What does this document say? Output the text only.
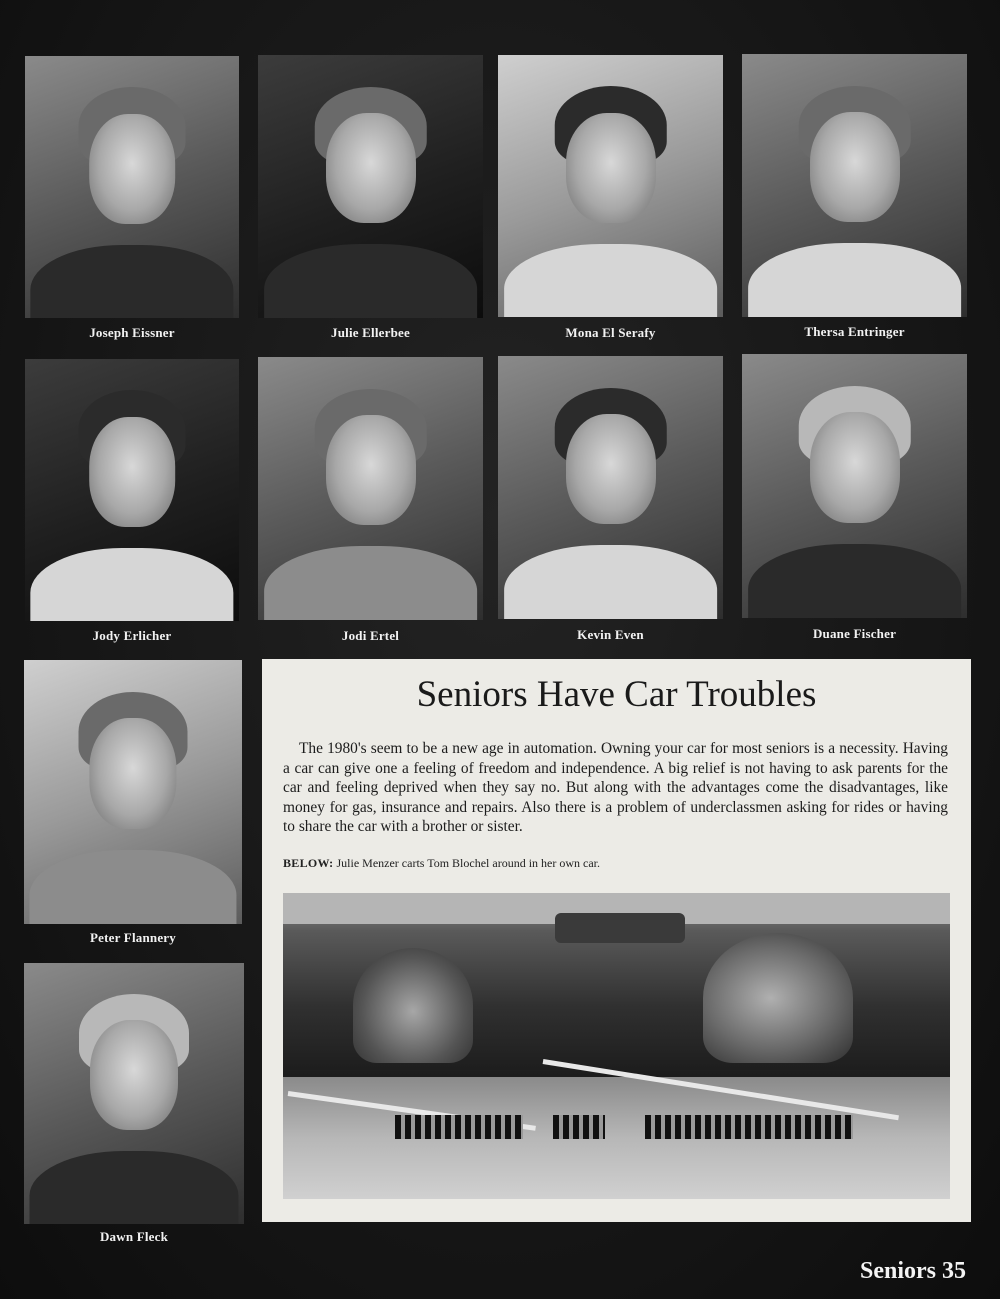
Joseph Eissner	Julie Ellerbee	Mona El Serafy	Thersa Entringer
Jody Erlicher	Jodi Ertel	Kevin Even	Duane Fischer
Peter Flannery
Dawn Fleck
Seniors Have Car Troubles
The 1980's seem to be a new age in automation. Owning your car for most seniors is a necessity. Having a car can give one a feeling of freedom and independence. A big relief is not having to ask parents for the car and feeling deprived when they say no. But along with the advantages come the disadvantages, like money for gas, insurance and repairs. Also there is a problem of underclassmen asking for rides or having to share the car with a brother or sister.
BELOW: Julie Menzer carts Tom Blochel around in her own car.
Seniors 35
